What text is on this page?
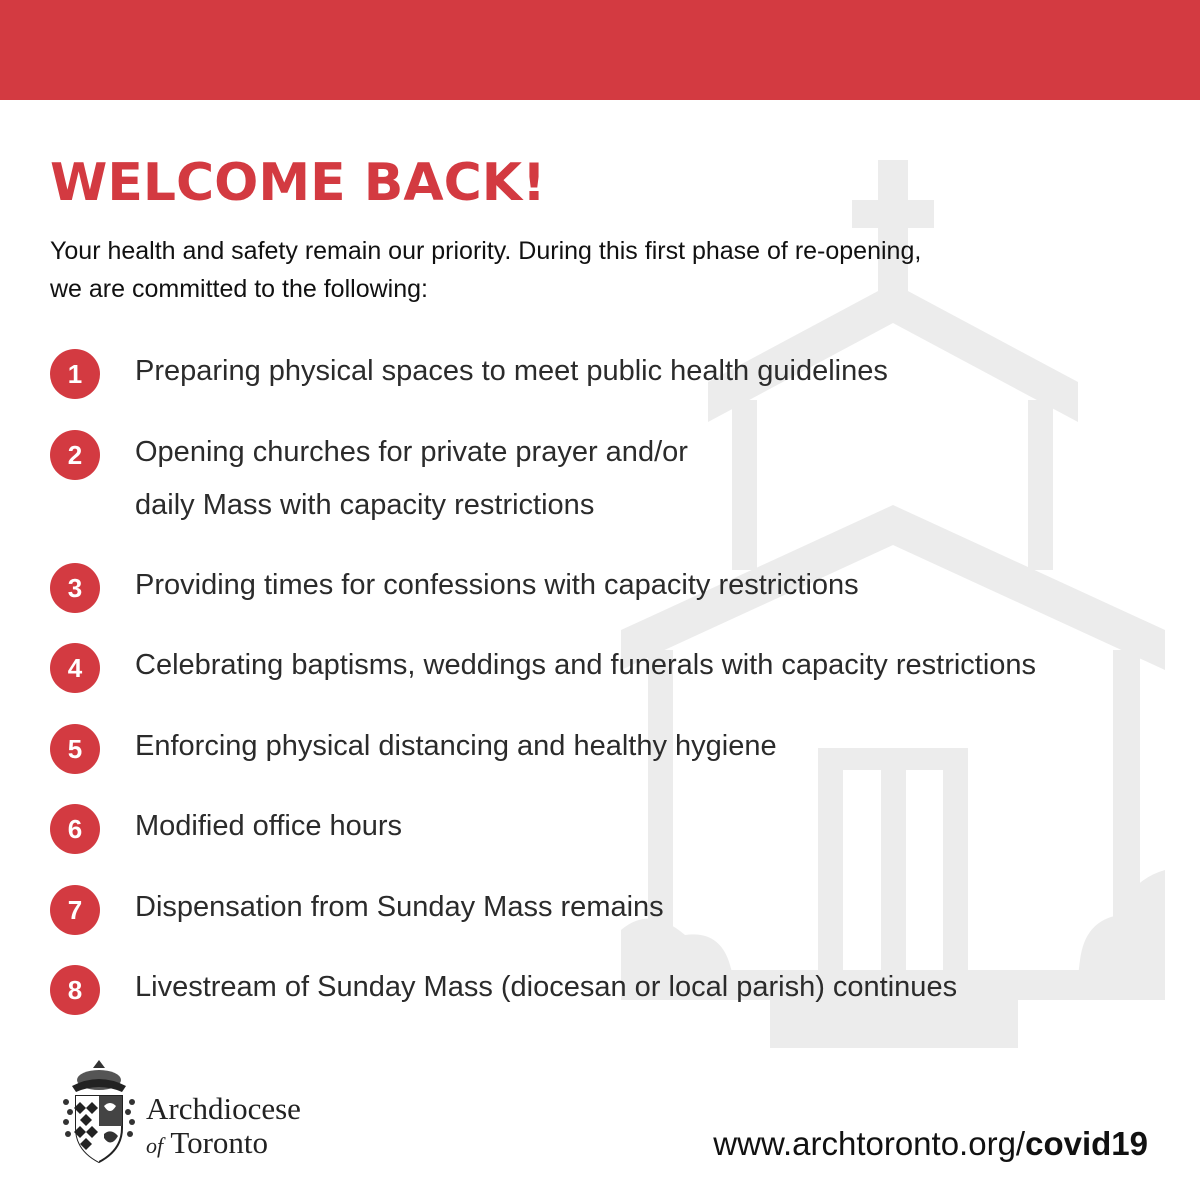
WELCOME BACK!

Your health and safety remain our priority. During this first phase of re-opening,
we are committed to the following:

1	Preparing physical spaces to meet public health guidelines
2	Opening churches for private prayer and/or
daily Mass with capacity restrictions
3	Providing times for confessions with capacity restrictions
4	Celebrating baptisms, weddings and funerals with capacity restrictions
5	Enforcing physical distancing and healthy hygiene
6	Modified office hours
7	Dispensation from Sunday Mass remains
8	Livestream of Sunday Mass (diocesan or local parish) continues
Archdiocese
of Toronto	www.archtoronto.org/covid19
